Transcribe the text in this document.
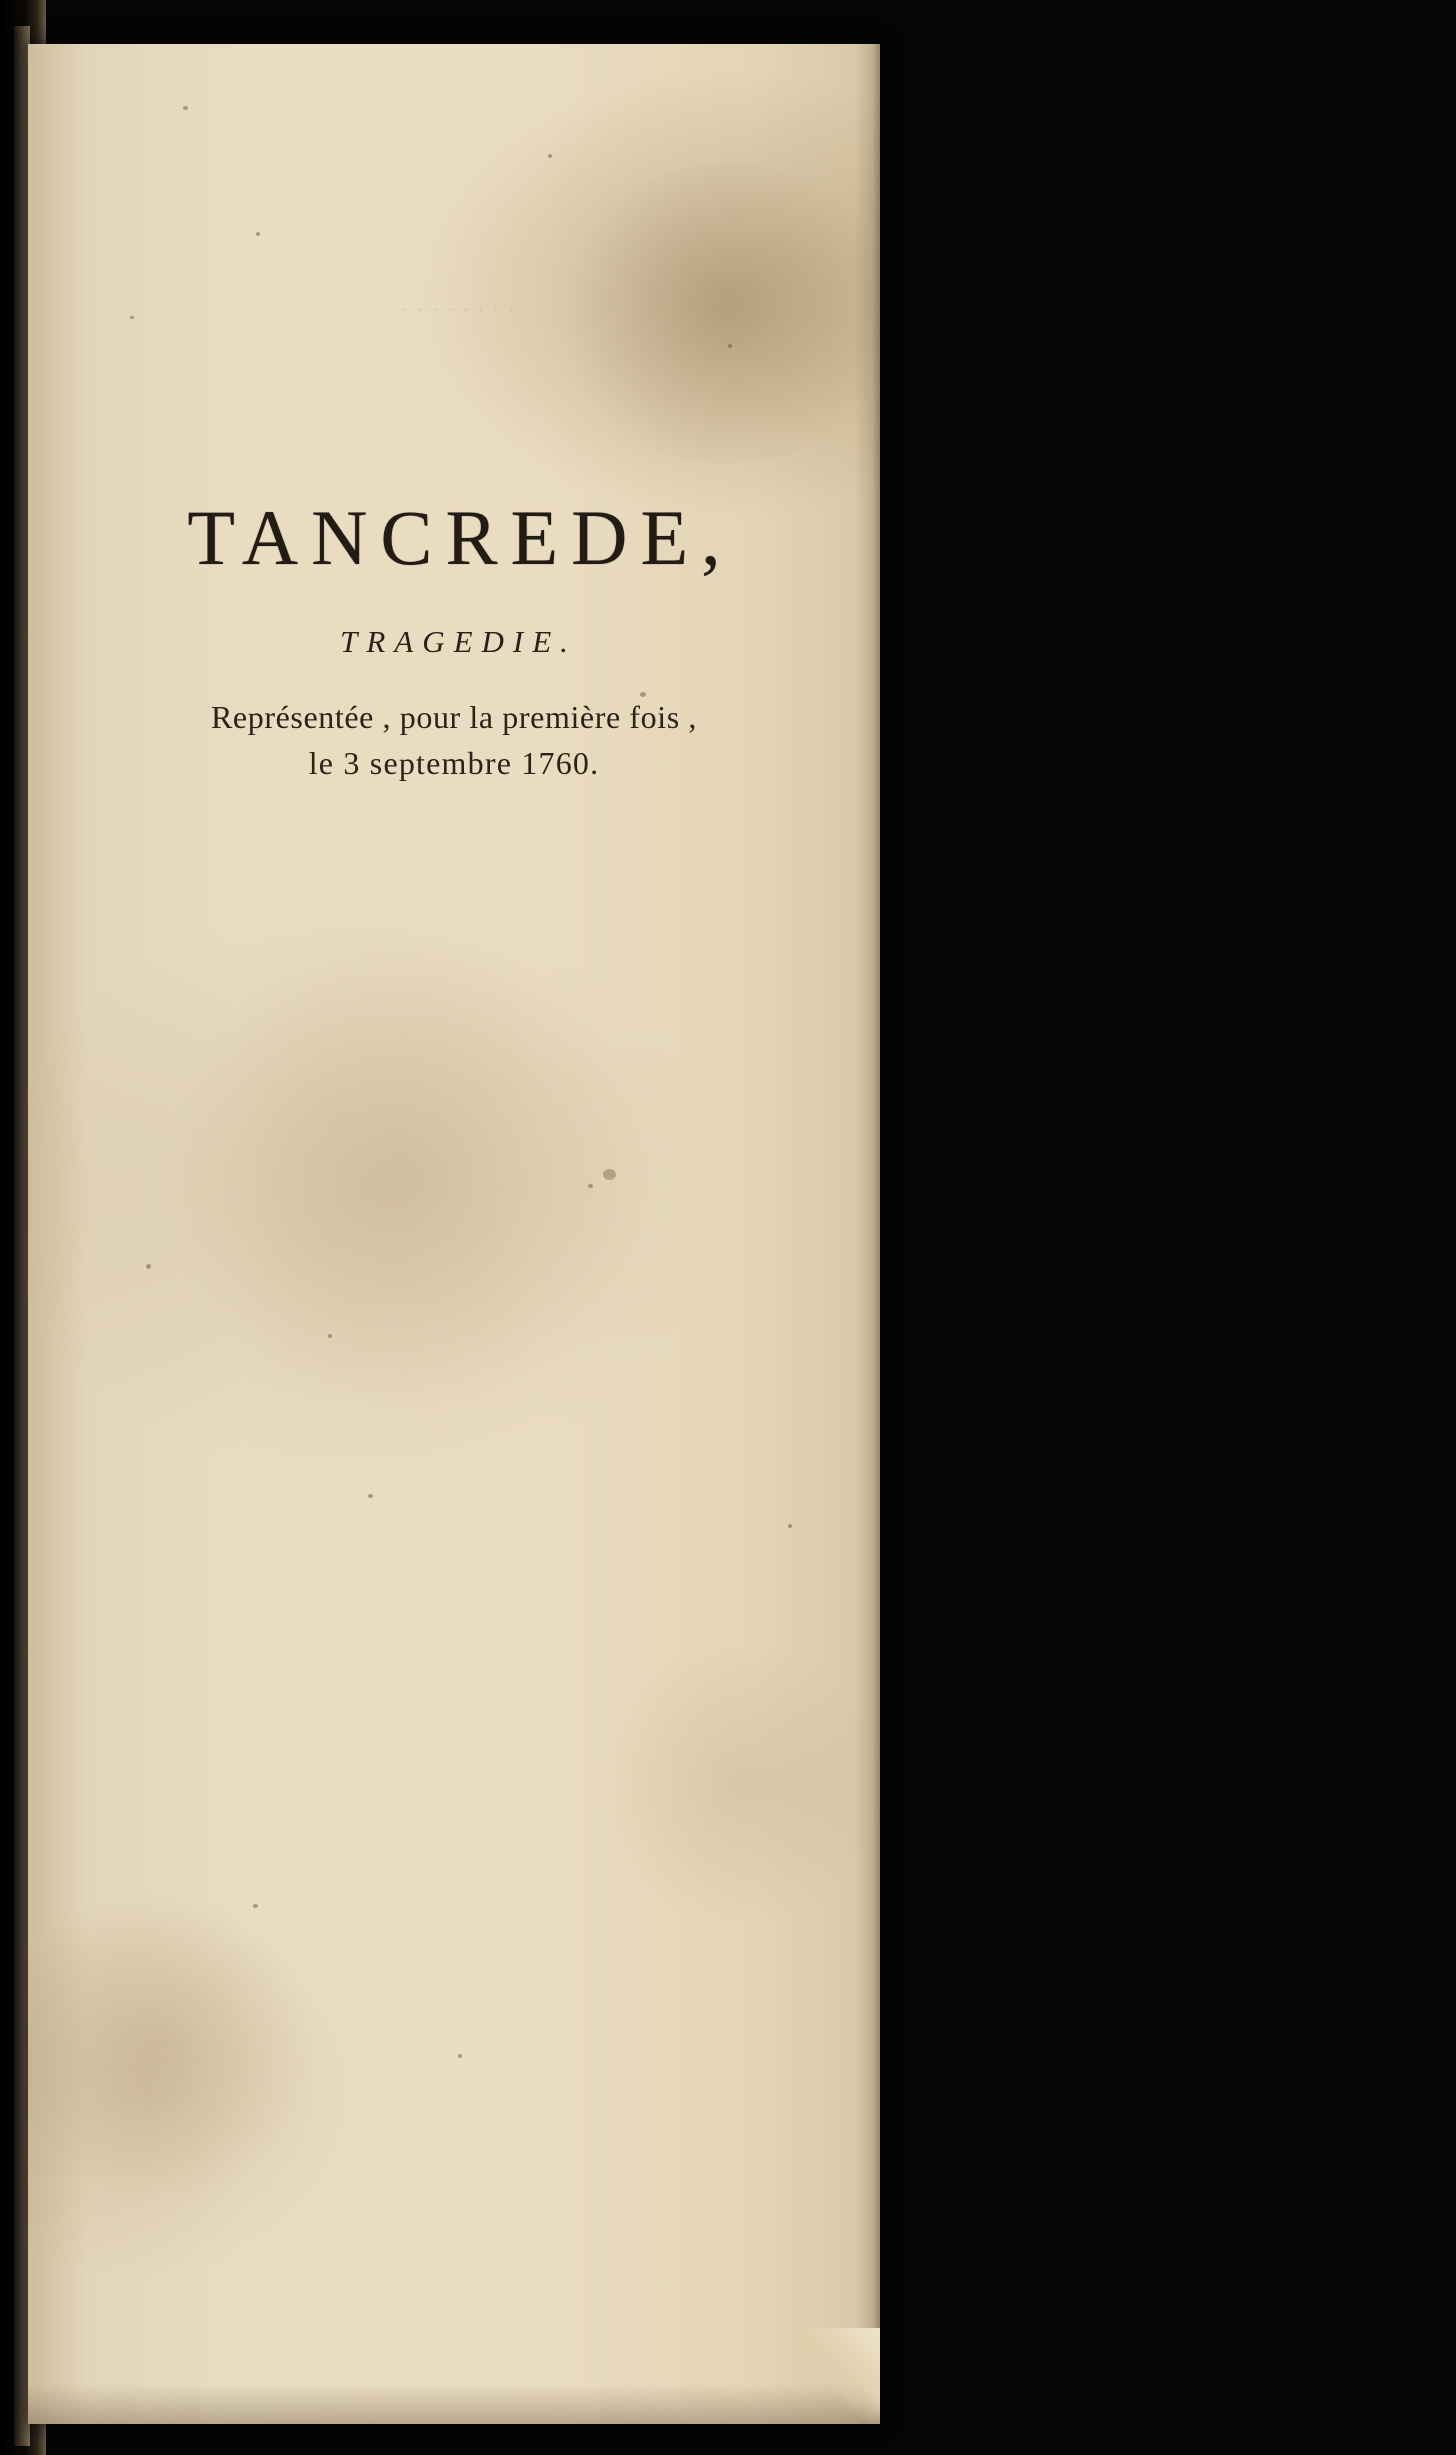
· · · · · · · ·
TANCREDE,
TRAGEDIE.
Représentée , pour la première fois ,
le 3 septembre 1760.
